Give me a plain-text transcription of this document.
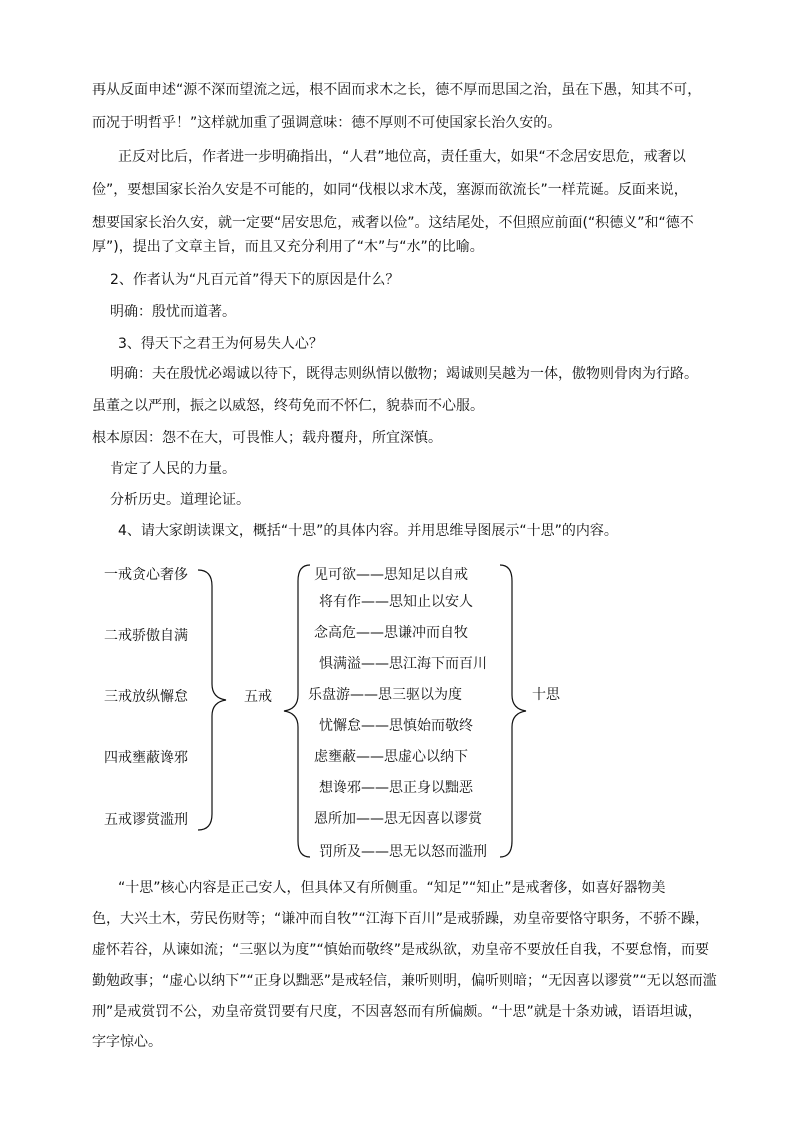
再从反面申述“源不深而望流之远，根不固而求木之长，德不厚而思国之治，虽在下愚，知其不可，
而况于明哲乎！”这样就加重了强调意味：德不厚则不可使国家长治久安的。
正反对比后，作者进一步明确指出，“人君”地位高，责任重大，如果“不念居安思危，戒奢以
俭”，要想国家长治久安是不可能的，如同“伐根以求木茂，塞源而欲流长”一样荒诞。反面来说，
想要国家长治久安，就一定要“居安思危，戒奢以俭”。这结尾处，不但照应前面(“积德义”和“德不
厚”)，提出了文章主旨，而且又充分利用了“木”与“水”的比喻。
2、作者认为“凡百元首”得天下的原因是什么？
明确：殷忧而道著。
3、得天下之君王为何易失人心？
明确：夫在殷忧必竭诚以待下，既得志则纵情以傲物；竭诚则吴越为一体，傲物则骨肉为行路。
虽董之以严刑，振之以威怒，终苟免而不怀仁，貌恭而不心服。
根本原因：怨不在大，可畏惟人；载舟覆舟，所宜深慎。
肯定了人民的力量。
分析历史。道理论证。
4、请大家朗读课文，概括“十思”的具体内容。并用思维导图展示“十思”的内容。
一戒贪心奢侈
二戒骄傲自满
三戒放纵懈怠
四戒壅蔽谗邪
五戒谬赏滥刑
五戒
见可欲——思知足以自戒
将有作——思知止以安人
念高危——思谦冲而自牧
惧满溢——思江海下而百川
乐盘游——思三驱以为度
忧懈怠——思慎始而敬终
虑壅蔽——思虚心以纳下
想谗邪——思正身以黜恶
恩所加——思无因喜以谬赏
罚所及——思无以怒而滥刑
十思
“十思”核心内容是正己安人，但具体又有所侧重。“知足”“知止”是戒奢侈，如喜好器物美
色，大兴土木，劳民伤财等；“谦冲而自牧”“江海下百川”是戒骄躁，劝皇帝要恪守职务，不骄不躁，
虚怀若谷，从谏如流；“三驱以为度”“慎始而敬终”是戒纵欲，劝皇帝不要放任自我，不要怠惰，而要
勤勉政事；“虚心以纳下”“正身以黜恶”是戒轻信，兼听则明，偏听则暗；“无因喜以谬赏”“无以怒而滥
刑”是戒赏罚不公，劝皇帝赏罚要有尺度，不因喜怒而有所偏颇。“十思”就是十条劝诫，语语坦诚，
字字惊心。
